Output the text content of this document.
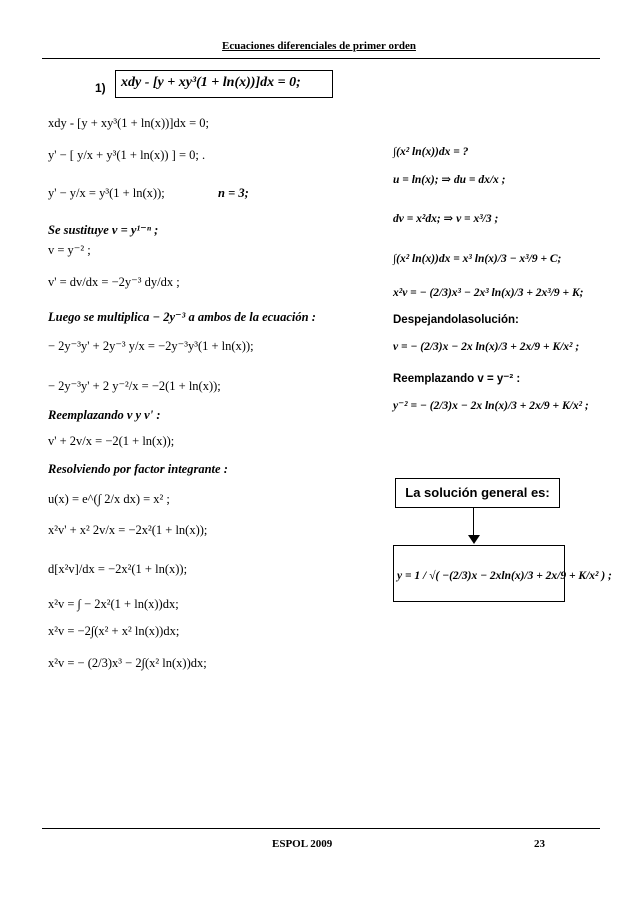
Ecuaciones diferenciales de primer orden
1) xdy - [y + xy³(1 + ln(x))]dx = 0;
xdy - [y + xy³(1 + ln(x))]dx = 0;
y' − [ y/x + y³(1 + ln(x)) ] = 0; .
y' − y/x = y³(1 + ln(x));	n = 3;
Se sustituye v = y¹⁻ⁿ ;
v = y⁻² ;
v' = dv/dx = −2y⁻³ dy/dx ;
Luego se multiplica − 2y⁻³ a ambos de la ecuación :
− 2y⁻³y' + 2y⁻³ y/x = −2y⁻³y³(1 + ln(x));
− 2y⁻³y' + 2 y⁻²/x = −2(1 + ln(x));
Reemplazando v y v' :
v' + 2v/x = −2(1 + ln(x));
Resolviendo por factor integrante :
u(x) = e^(∫ 2/x dx) = x² ;
x²v' + x² 2v/x = −2x²(1 + ln(x));
d[x²v]/dx = −2x²(1 + ln(x));
x²v = ∫ − 2x²(1 + ln(x))dx;
x²v = −2∫(x² + x² ln(x))dx;
x²v = − (2/3)x³ − 2∫(x² ln(x))dx;
∫(x² ln(x))dx = ?
u = ln(x); ⇒ du = dx/x ;
dv = x²dx; ⇒ v = x³/3 ;
∫(x² ln(x))dx = x³ ln(x)/3 − x³/9 + C;
x²v = − (2/3)x³ − 2x³ ln(x)/3 + 2x³/9 + K;
Despejandolasolución:
v = − (2/3)x − 2x ln(x)/3 + 2x/9 + K/x² ;
Reemplazando v = y⁻² :
y⁻² = − (2/3)x − 2x ln(x)/3 + 2x/9 + K/x² ;
La solución general es:
y = 1 / √( −(2/3)x − 2xln(x)/3 + 2x/9 + K/x² ) ;
ESPOL 2009	23
